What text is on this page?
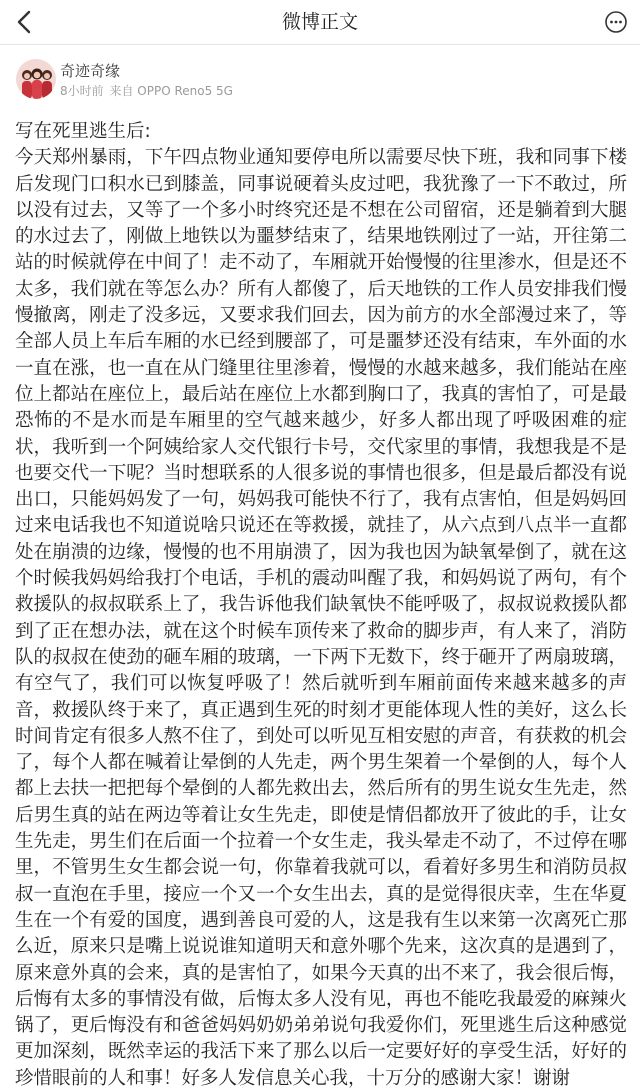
微博正文
奇迹奇缘
8小时前 来自 OPPO Reno5 5G

写在死里逃生后:

今天郑州暴雨，下午四点物业通知要停电所以需要尽快下班，我和同事下楼后发现门口积水已到膝盖，同事说硬着头皮过吧，我犹豫了一下不敢过，所以没有过去，又等了一个多小时终究还是不想在公司留宿，还是躺着到大腿的水过去了，刚做上地铁以为噩梦结束了，结果地铁刚过了一站，开往第二站的时候就停在中间了！走不动了，车厢就开始慢慢的往里渗水，但是还不太多，我们就在等怎么办？所有人都傻了，后天地铁的工作人员安排我们慢慢撤离，刚走了没多远，又要求我们回去，因为前方的水全部漫过来了，等全部人员上车后车厢的水已经到腰部了，可是噩梦还没有结束，车外面的水一直在涨，也一直在从门缝里往里渗着，慢慢的水越来越多，我们能站在座位上都站在座位上，最后站在座位上水都到胸口了，我真的害怕了，可是最恐怖的不是水而是车厢里的空气越来越少，好多人都出现了呼吸困难的症状，我听到一个阿姨给家人交代银行卡号，交代家里的事情，我想我是不是也要交代一下呢？当时想联系的人很多说的事情也很多，但是最后都没有说出口，只能妈妈发了一句，妈妈我可能快不行了，我有点害怕，但是妈妈回过来电话我也不知道说啥只说还在等救援，就挂了，从六点到八点半一直都处在崩溃的边缘，慢慢的也不用崩溃了，因为我也因为缺氧晕倒了，就在这个时候我妈妈给我打个电话，手机的震动叫醒了我，和妈妈说了两句，有个救援队的叔叔联系上了，我告诉他我们缺氧快不能呼吸了，叔叔说救援队都到了正在想办法，就在这个时候车顶传来了救命的脚步声，有人来了，消防队的叔叔在使劲的砸车厢的玻璃，一下两下无数下，终于砸开了两扇玻璃，有空气了，我们可以恢复呼吸了！然后就听到车厢前面传来越来越多的声音，救援队终于来了，真正遇到生死的时刻才更能体现人性的美好，这么长时间肯定有很多人熬不住了，到处可以听见互相安慰的声音，有获救的机会了，每个人都在喊着让晕倒的人先走，两个男生架着一个晕倒的人，每个人都上去扶一把把每个晕倒的人都先救出去，然后所有的男生说女生先走，然后男生真的站在两边等着让女生先走，即使是情侣都放开了彼此的手，让女生先走，男生们在后面一个拉着一个女生走，我头晕走不动了，不过停在哪里，不管男生女生都会说一句，你靠着我就可以，看着好多男生和消防员叔叔一直泡在手里，接应一个又一个女生出去，真的是觉得很庆幸，生在华夏生在一个有爱的国度，遇到善良可爱的人，这是我有生以来第一次离死亡那么近，原来只是嘴上说说谁知道明天和意外哪个先来，这次真的是遇到了，原来意外真的会来，真的是害怕了，如果今天真的出不来了，我会很后悔，后悔有太多的事情没有做，后悔太多人没有见，再也不能吃我最爱的麻辣火锅了，更后悔没有和爸爸妈妈奶奶弟弟说句我爱你们，死里逃生后这种感觉更加深刻，既然幸运的我活下来了那么以后一定要好好的享受生活，好好的珍惜眼前的人和事！好多人发信息关心我，十万分的感谢大家！谢谢
